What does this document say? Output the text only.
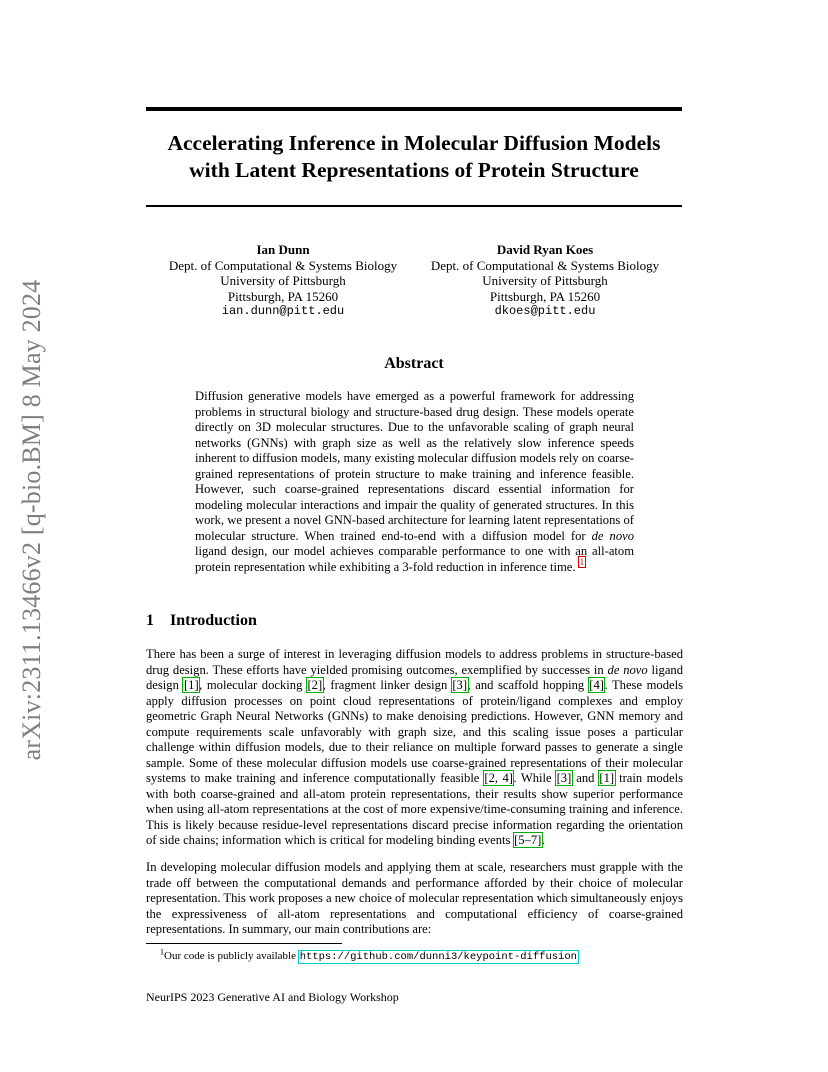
arXiv:2311.13466v2 [q-bio.BM] 8 May 2024
Accelerating Inference in Molecular Diffusion Models
with Latent Representations of Protein Structure
Ian Dunn
Dept. of Computational & Systems Biology
University of Pittsburgh
Pittsburgh, PA 15260
ian.dunn@pitt.edu
David Ryan Koes
Dept. of Computational & Systems Biology
University of Pittsburgh
Pittsburgh, PA 15260
dkoes@pitt.edu
Abstract
Diffusion generative models have emerged as a powerful framework for addressing problems in structural biology and structure-based drug design. These models operate directly on 3D molecular structures. Due to the unfavorable scaling of graph neural networks (GNNs) with graph size as well as the relatively slow inference speeds inherent to diffusion models, many existing molecular diffusion models rely on coarse-grained representations of protein structure to make training and inference feasible. However, such coarse-grained representations discard essential information for modeling molecular interactions and impair the quality of generated structures. In this work, we present a novel GNN-based architecture for learning latent representations of molecular structure. When trained end-to-end with a diffusion model for de novo ligand design, our model achieves comparable performance to one with an all-atom protein representation while exhibiting a 3-fold reduction in inference time. $^1$
1 Introduction
There has been a surge of interest in leveraging diffusion models to address problems in structure-based drug design. These efforts have yielded promising outcomes, exemplified by successes in de novo ligand design [1], molecular docking [2], fragment linker design [3], and scaffold hopping [4]. These models apply diffusion processes on point cloud representations of protein/ligand complexes and employ geometric Graph Neural Networks (GNNs) to make denoising predictions. However, GNN memory and compute requirements scale unfavorably with graph size, and this scaling issue poses a particular challenge within diffusion models, due to their reliance on multiple forward passes to generate a single sample. Some of these molecular diffusion models use coarse-grained representations of their molecular systems to make training and inference computationally feasible [2, 4]. While [3] and [1] train models with both coarse-grained and all-atom protein representations, their results show superior performance when using all-atom representations at the cost of more expensive/time-consuming training and inference. This is likely because residue-level representations discard precise information regarding the orientation of side chains; information which is critical for modeling binding events [5–7].
In developing molecular diffusion models and applying them at scale, researchers must grapple with the trade off between the computational demands and performance afforded by their choice of molecular representation. This work proposes a new choice of molecular representation which simultaneously enjoys the expressiveness of all-atom representations and computational efficiency of coarse-grained representations. In summary, our main contributions are:
$^1$Our code is publicly available https://github.com/dunni3/keypoint-diffusion
NeurIPS 2023 Generative AI and Biology Workshop
